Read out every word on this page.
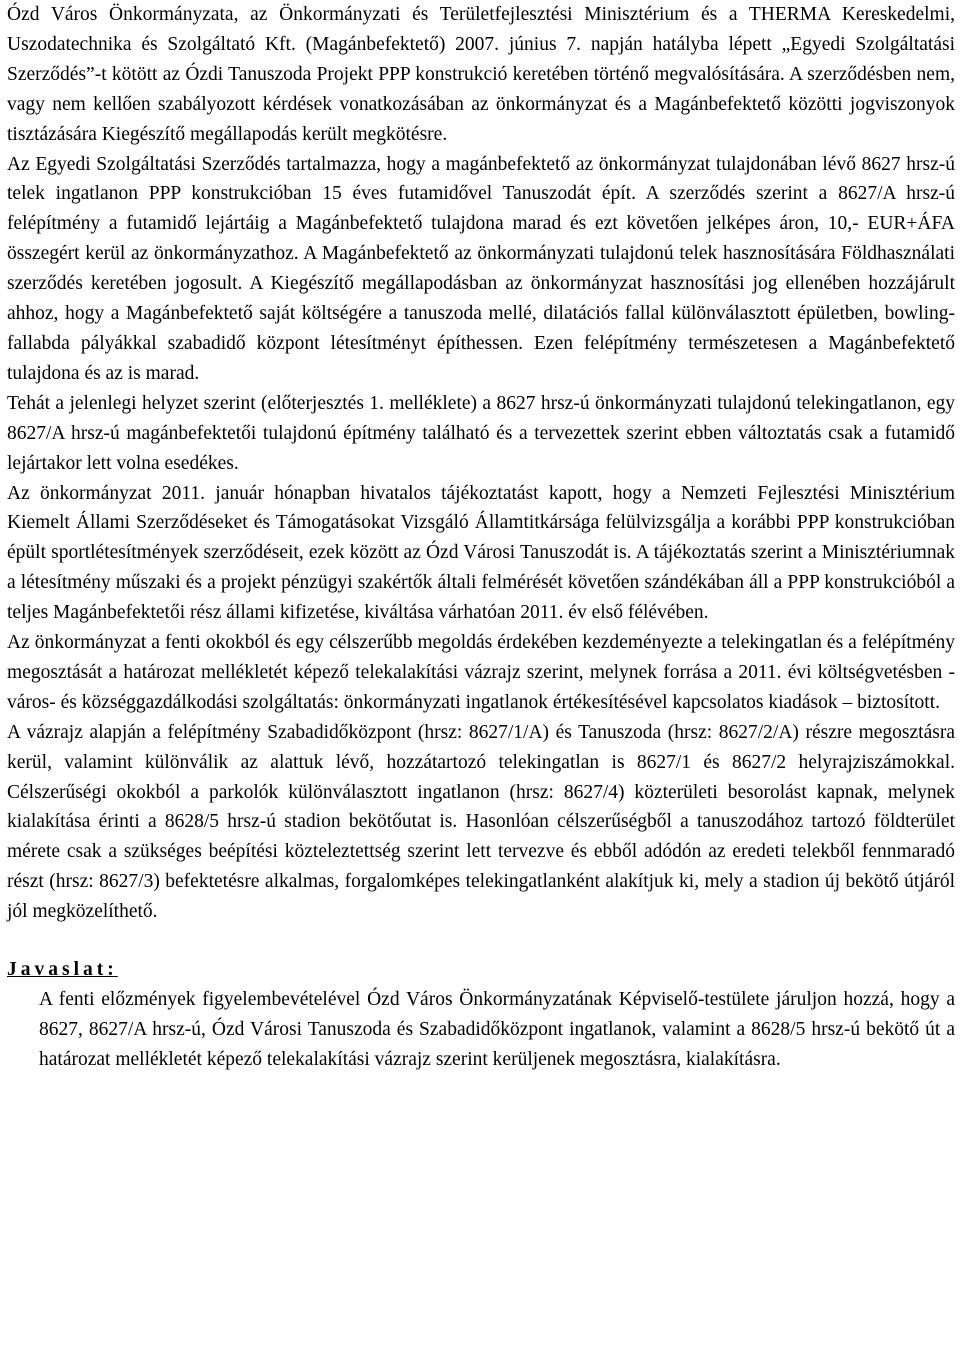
Ózd Város Önkormányzata, az Önkormányzati és Területfejlesztési Minisztérium és a THERMA Kereskedelmi, Uszodatechnika és Szolgáltató Kft. (Magánbefektető) 2007. június 7. napján hatályba lépett „Egyedi Szolgáltatási Szerződés”-t kötött az Ózdi Tanuszoda Projekt PPP konstrukció keretében történő megvalósítására. A szerződésben nem, vagy nem kellően szabályozott kérdések vonatkozásában az önkormányzat és a Magánbefektető közötti jogviszonyok tisztázására Kiegészítő megállapodás került megkötésre.

Az Egyedi Szolgáltatási Szerződés tartalmazza, hogy a magánbefektető az önkormányzat tulajdonában lévő 8627 hrsz-ú telek ingatlanon PPP konstrukcióban 15 éves futamidővel Tanuszodát épít. A szerződés szerint a 8627/A hrsz-ú felépítmény a futamidő lejártáig a Magánbefektető tulajdona marad és ezt követően jelképes áron, 10,- EUR+ÁFA összegért kerül az önkormányzathoz. A Magánbefektető az önkormányzati tulajdonú telek hasznosítására Földhasználati szerződés keretében jogosult. A Kiegészítő megállapodásban az önkormányzat hasznosítási jog ellenében hozzájárult ahhoz, hogy a Magánbefektető saját költségére a tanuszoda mellé, dilatációs fallal különválasztott épületben, bowling-fallabda pályákkal szabadidő központ létesítményt építhessen. Ezen felépítmény természetesen a Magánbefektető tulajdona és az is marad.

Tehát a jelenlegi helyzet szerint (előterjesztés 1. melléklete) a 8627 hrsz-ú önkormányzati tulajdonú telekingatlanon, egy 8627/A hrsz-ú magánbefektetői tulajdonú építmény található és a tervezettek szerint ebben változtatás csak a futamidő lejártakor lett volna esedékes.

Az önkormányzat 2011. január hónapban hivatalos tájékoztatást kapott, hogy a Nemzeti Fejlesztési Minisztérium Kiemelt Állami Szerződéseket és Támogatásokat Vizsgáló Államtitkársága felülvizsgálja a korábbi PPP konstrukcióban épült sportlétesítmények szerződéseit, ezek között az Ózd Városi Tanuszodát is. A tájékoztatás szerint a Minisztériumnak a létesítmény műszaki és a projekt pénzügyi szakértők általi felmérését követően szándékában áll a PPP konstrukcióból a teljes Magánbefektetői rész állami kifizetése, kiváltása várhatóan 2011. év első félévében.

Az önkormányzat a fenti okokból és egy célszerűbb megoldás érdekében kezdeményezte a telekingatlan és a felépítmény megosztását a határozat mellékletét képező telekalakítási vázrajz szerint, melynek forrása a 2011. évi költségvetésben - város- és községgazdálkodási szolgáltatás: önkormányzati ingatlanok értékesítésével kapcsolatos kiadások – biztosított.

A vázrajz alapján a felépítmény Szabadidőközpont (hrsz: 8627/1/A) és Tanuszoda (hrsz: 8627/2/A) részre megosztásra kerül, valamint különválik az alattuk lévő, hozzátartozó telekingatlan is 8627/1 és 8627/2 helyrajziszámokkal. Célszerűségi okokból a parkolók különválasztott ingatlanon (hrsz: 8627/4) közterületi besorolást kapnak, melynek kialakítása érinti a 8628/5 hrsz-ú stadion bekötőutat is. Hasonlóan célszerűségből a tanuszodához tartozó földterület mérete csak a szükséges beépítési közteleztettség szerint lett tervezve és ebből adódón az eredeti telekből fennmaradó részt (hrsz: 8627/3) befektetésre alkalmas, forgalomképes telekingatlanként alakítjuk ki, mely a stadion új bekötő útjáról jól megközelíthető.

Javaslat:

A fenti előzmények figyelembevételével Ózd Város Önkormányzatának Képviselő-testülete járuljon hozzá, hogy a 8627, 8627/A hrsz-ú, Ózd Városi Tanuszoda és Szabadidőközpont ingatlanok, valamint a 8628/5 hrsz-ú bekötő út a határozat mellékletét képező telekalakítási vázrajz szerint kerüljenek megosztásra, kialakításra.
